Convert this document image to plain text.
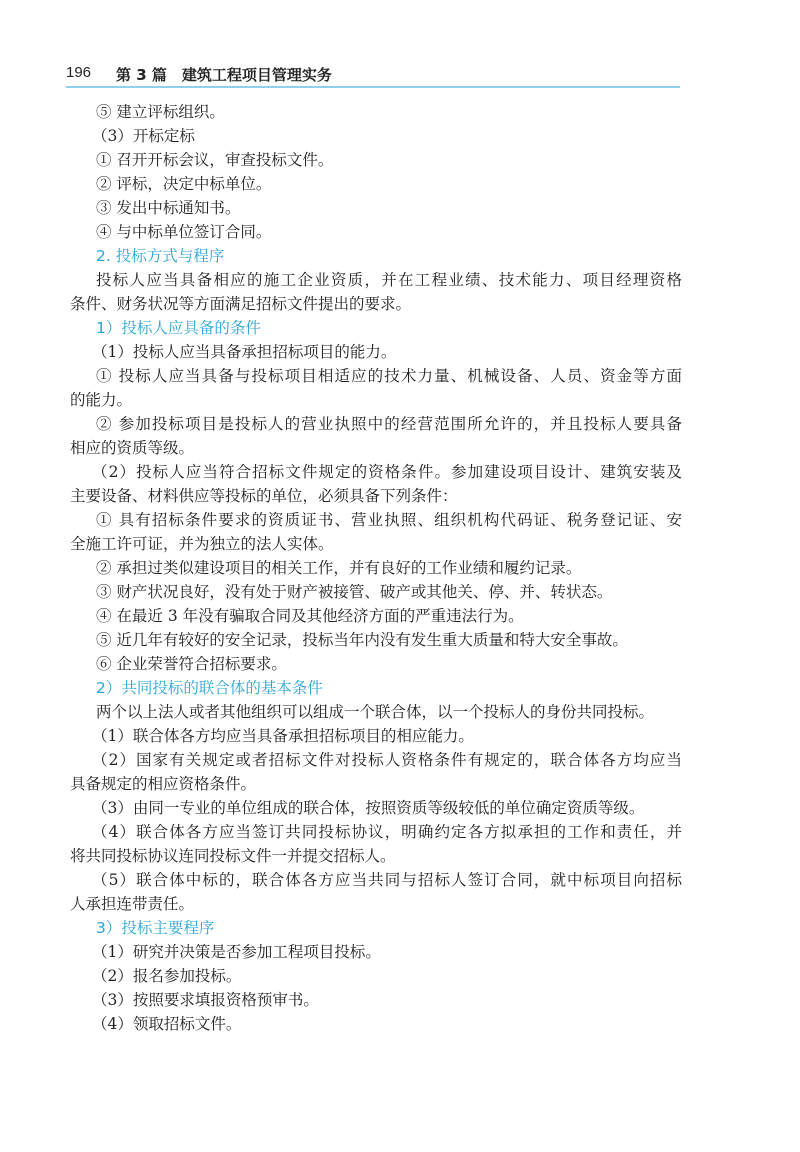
196 第 3 篇　建筑工程项目管理实务
⑤ 建立评标组织。
（3）开标定标
① 召开开标会议，审查投标文件。
② 评标，决定中标单位。
③ 发出中标通知书。
④ 与中标单位签订合同。
2. 投标方式与程序
投标人应当具备相应的施工企业资质，并在工程业绩、技术能力、项目经理资格
条件、财务状况等方面满足招标文件提出的要求。
1）投标人应具备的条件
（1）投标人应当具备承担招标项目的能力。
① 投标人应当具备与投标项目相适应的技术力量、机械设备、人员、资金等方面
的能力。
② 参加投标项目是投标人的营业执照中的经营范围所允许的，并且投标人要具备
相应的资质等级。
（2）投标人应当符合招标文件规定的资格条件。参加建设项目设计、建筑安装及
主要设备、材料供应等投标的单位，必须具备下列条件：
① 具有招标条件要求的资质证书、营业执照、组织机构代码证、税务登记证、安
全施工许可证，并为独立的法人实体。
② 承担过类似建设项目的相关工作，并有良好的工作业绩和履约记录。
③ 财产状况良好，没有处于财产被接管、破产或其他关、停、并、转状态。
④ 在最近 3 年没有骗取合同及其他经济方面的严重违法行为。
⑤ 近几年有较好的安全记录，投标当年内没有发生重大质量和特大安全事故。
⑥ 企业荣誉符合招标要求。
2）共同投标的联合体的基本条件
两个以上法人或者其他组织可以组成一个联合体，以一个投标人的身份共同投标。
（1）联合体各方均应当具备承担招标项目的相应能力。
（2）国家有关规定或者招标文件对投标人资格条件有规定的，联合体各方均应当
具备规定的相应资格条件。
（3）由同一专业的单位组成的联合体，按照资质等级较低的单位确定资质等级。
（4）联合体各方应当签订共同投标协议，明确约定各方拟承担的工作和责任，并
将共同投标协议连同投标文件一并提交招标人。
（5）联合体中标的，联合体各方应当共同与招标人签订合同，就中标项目向招标
人承担连带责任。
3）投标主要程序
（1）研究并决策是否参加工程项目投标。
（2）报名参加投标。
（3）按照要求填报资格预审书。
（4）领取招标文件。
